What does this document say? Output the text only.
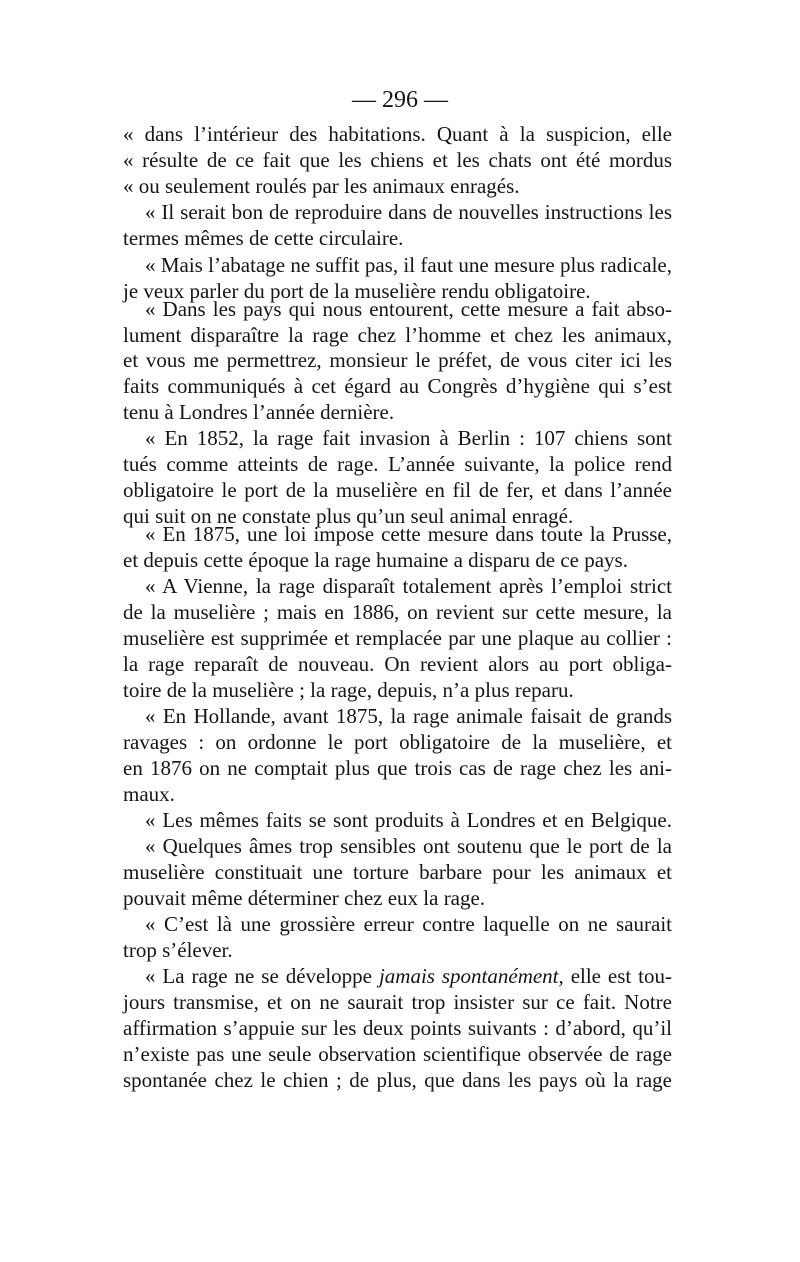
— 296 —
« dans l’intérieur des habitations. Quant à la suspicion, elle
« résulte de ce fait que les chiens et les chats ont été mordus
« ou seulement roulés par les animaux enragés.
« Il serait bon de reproduire dans de nouvelles instructions les
termes mêmes de cette circulaire.
« Mais l’abatage ne suffit pas, il faut une mesure plus radicale,
je veux parler du port de la muselière rendu obligatoire.
« Dans les pays qui nous entourent, cette mesure a fait abso-
lument disparaître la rage chez l’homme et chez les animaux,
et vous me permettrez, monsieur le préfet, de vous citer ici les
faits communiqués à cet égard au Congrès d’hygiène qui s’est
tenu à Londres l’année dernière.
« En 1852, la rage fait invasion à Berlin : 107 chiens sont
tués comme atteints de rage. L’année suivante, la police rend
obligatoire le port de la muselière en fil de fer, et dans l’année
qui suit on ne constate plus qu’un seul animal enragé.
« En 1875, une loi impose cette mesure dans toute la Prusse,
et depuis cette époque la rage humaine a disparu de ce pays.
« A Vienne, la rage disparaît totalement après l’emploi strict
de la muselière ; mais en 1886, on revient sur cette mesure, la
muselière est supprimée et remplacée par une plaque au collier :
la rage reparaît de nouveau. On revient alors au port obliga-
toire de la muselière ; la rage, depuis, n’a plus reparu.
« En Hollande, avant 1875, la rage animale faisait de grands
ravages : on ordonne le port obligatoire de la muselière, et
en 1876 on ne comptait plus que trois cas de rage chez les ani-
maux.
« Les mêmes faits se sont produits à Londres et en Belgique.
« Quelques âmes trop sensibles ont soutenu que le port de la
muselière constituait une torture barbare pour les animaux et
pouvait même déterminer chez eux la rage.
« C’est là une grossière erreur contre laquelle on ne saurait
trop s’élever.
« La rage ne se développe jamais spontanément, elle est tou-
jours transmise, et on ne saurait trop insister sur ce fait. Notre
affirmation s’appuie sur les deux points suivants : d’abord, qu’il
n’existe pas une seule observation scientifique observée de rage
spontanée chez le chien ; de plus, que dans les pays où la rage
